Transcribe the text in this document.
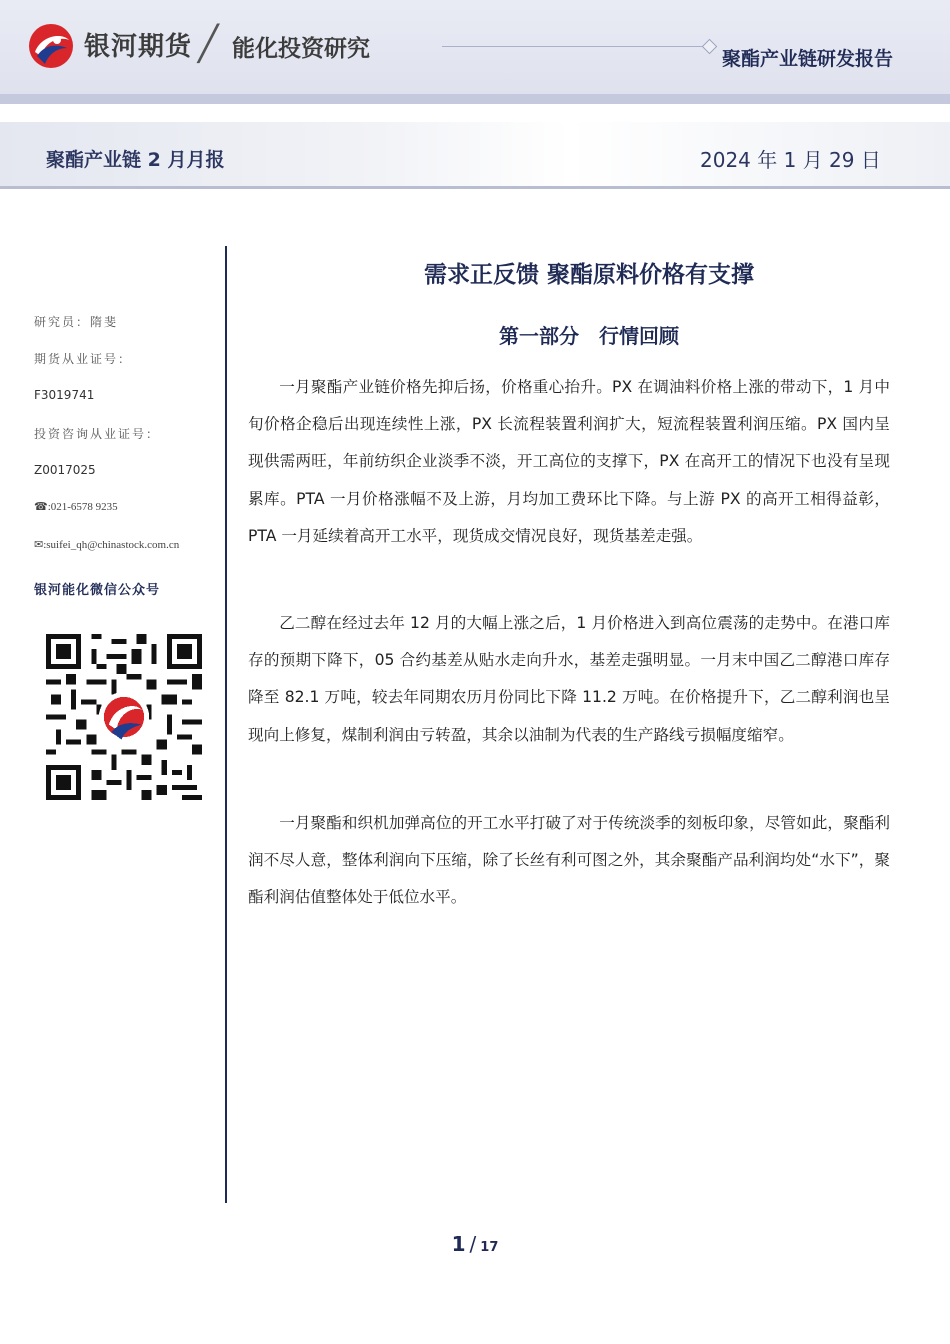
银河期货 ╱ 能化投资研究	聚酯产业链研发报告
聚酯产业链 2 月月报	2024 年 1 月 29 日
研究员：隋斐
期货从业证号：
F3019741
投资咨询从业证号：
Z0017025
☎:021-6578 9235
✉:suifei_qh@chinastock.com.cn
银河能化微信公众号
需求正反馈 聚酯原料价格有支撑
第一部分　行情回顾

一月聚酯产业链价格先抑后扬，价格重心抬升。PX 在调油料价格上涨的带动下，1 月中旬价格企稳后出现连续性上涨，PX 长流程装置利润扩大，短流程装置利润压缩。PX 国内呈现供需两旺，年前纺织企业淡季不淡，开工高位的支撑下，PX 在高开工的情况下也没有呈现累库。PTA 一月价格涨幅不及上游，月均加工费环比下降。与上游 PX 的高开工相得益彰，PTA 一月延续着高开工水平，现货成交情况良好，现货基差走强。

乙二醇在经过去年 12 月的大幅上涨之后，1 月价格进入到高位震荡的走势中。在港口库存的预期下降下，05 合约基差从贴水走向升水，基差走强明显。一月末中国乙二醇港口库存降至 82.1 万吨，较去年同期农历月份同比下降 11.2 万吨。在价格提升下，乙二醇利润也呈现向上修复，煤制利润由亏转盈，其余以油制为代表的生产路线亏损幅度缩窄。

一月聚酯和织机加弹高位的开工水平打破了对于传统淡季的刻板印象，尽管如此，聚酯利润不尽人意，整体利润向下压缩，除了长丝有利可图之外，其余聚酯产品利润均处“水下”，聚酯利润估值整体处于低位水平。

1 / 17
